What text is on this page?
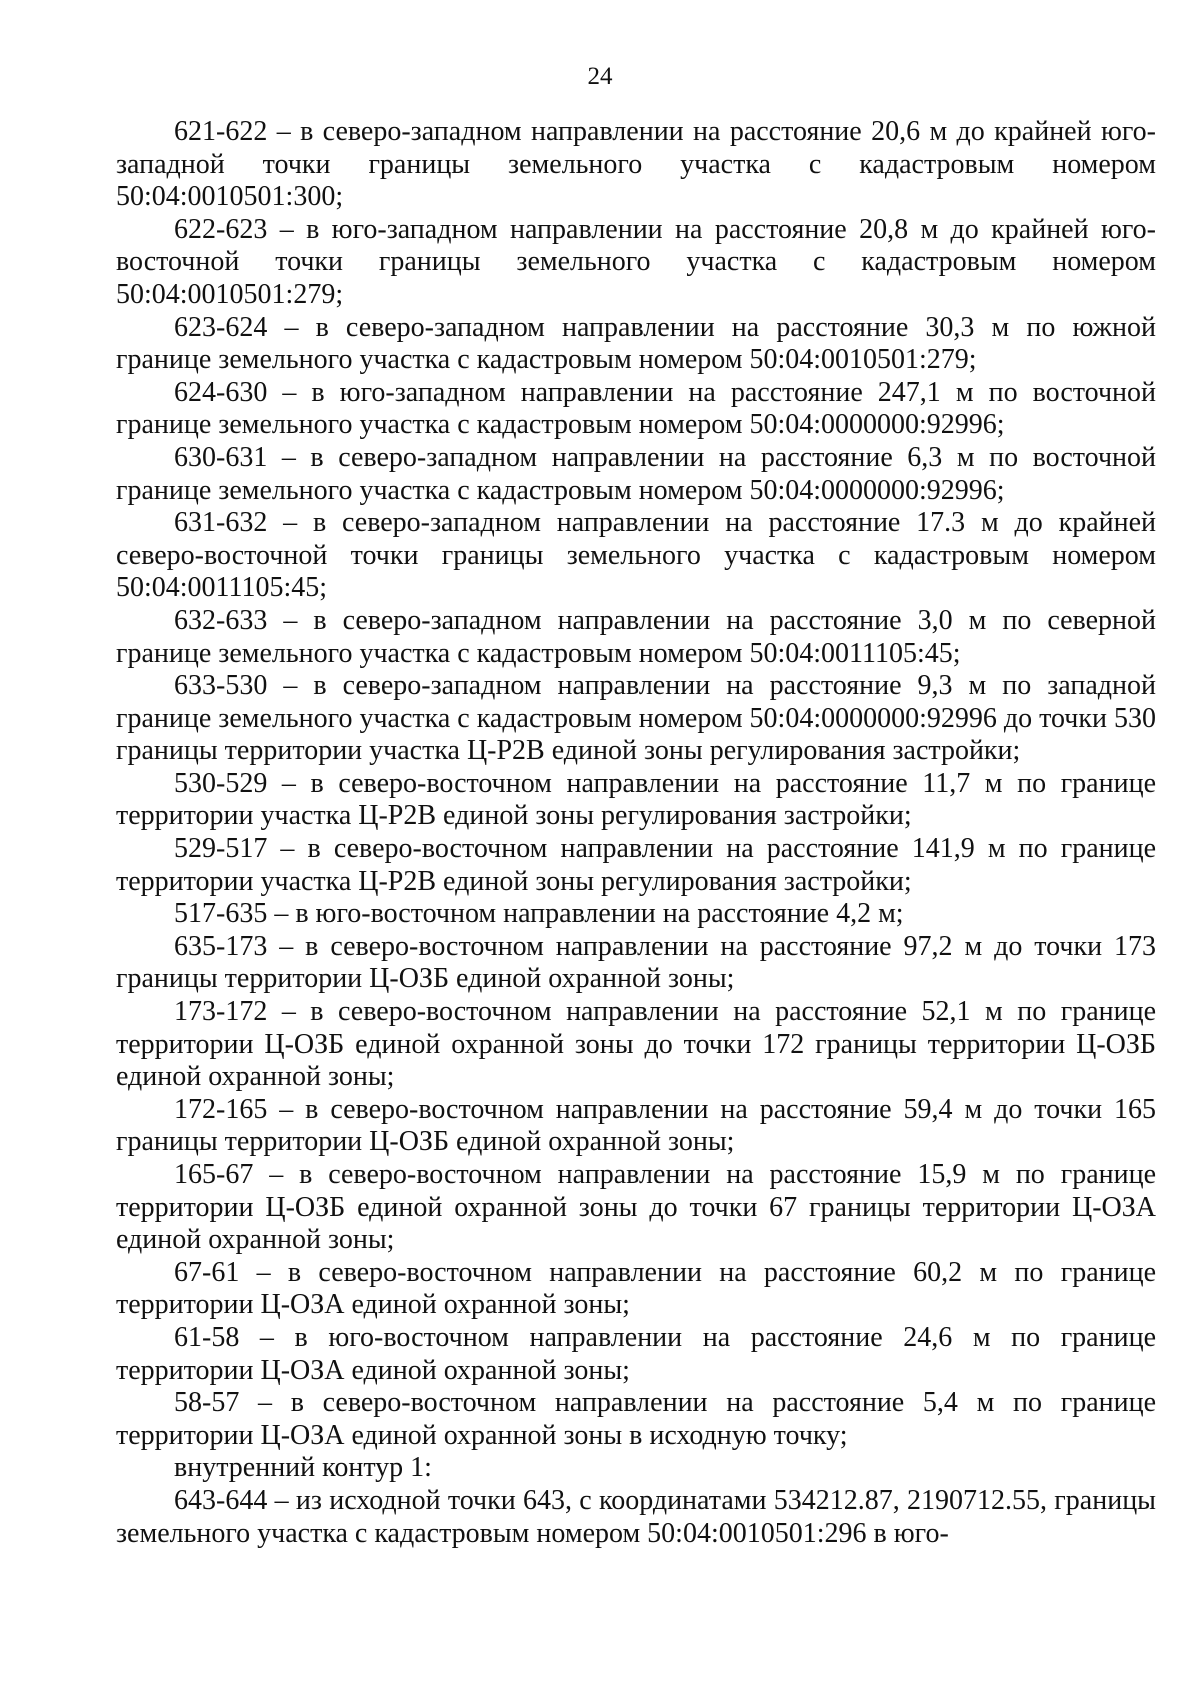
24

621-622 – в северо-западном направлении на расстояние 20,6 м до крайней юго-западной точки границы земельного участка с кадастровым номером 50:04:0010501:300;

622-623 – в юго-западном направлении на расстояние 20,8 м до крайней юго-восточной точки границы земельного участка с кадастровым номером 50:04:0010501:279;

623-624 – в северо-западном направлении на расстояние 30,3 м по южной границе земельного участка с кадастровым номером 50:04:0010501:279;

624-630 – в юго-западном направлении на расстояние 247,1 м по восточной границе земельного участка с кадастровым номером 50:04:0000000:92996;

630-631 – в северо-западном направлении на расстояние 6,3 м по восточной границе земельного участка с кадастровым номером 50:04:0000000:92996;

631-632 – в северо-западном направлении на расстояние 17.3 м до крайней северо-восточной точки границы земельного участка с кадастровым номером 50:04:0011105:45;

632-633 – в северо-западном направлении на расстояние 3,0 м по северной границе земельного участка с кадастровым номером 50:04:0011105:45;

633-530 – в северо-западном направлении на расстояние 9,3 м по западной границе земельного участка с кадастровым номером 50:04:0000000:92996 до точки 530 границы территории участка Ц-Р2В единой зоны регулирования застройки;

530-529 – в северо-восточном направлении на расстояние 11,7 м по границе территории участка Ц-Р2В единой зоны регулирования застройки;

529-517 – в северо-восточном направлении на расстояние 141,9 м по границе территории участка Ц-Р2В единой зоны регулирования застройки;

517-635 – в юго-восточном направлении на расстояние 4,2 м;

635-173 – в северо-восточном направлении на расстояние 97,2 м до точки 173 границы территории Ц-ОЗБ единой охранной зоны;

173-172 – в северо-восточном направлении на расстояние 52,1 м по границе территории Ц-ОЗБ единой охранной зоны до точки 172 границы территории Ц-ОЗБ единой охранной зоны;

172-165 – в северо-восточном направлении на расстояние 59,4 м до точки 165 границы территории Ц-ОЗБ единой охранной зоны;

165-67 – в северо-восточном направлении на расстояние 15,9 м по границе территории Ц-ОЗБ единой охранной зоны до точки 67 границы территории Ц-ОЗА единой охранной зоны;

67-61 – в северо-восточном направлении на расстояние 60,2 м по границе территории Ц-ОЗА единой охранной зоны;

61-58 – в юго-восточном направлении на расстояние 24,6 м по границе территории Ц-ОЗА единой охранной зоны;

58-57 – в северо-восточном направлении на расстояние 5,4 м по границе территории Ц-ОЗА единой охранной зоны в исходную точку;

внутренний контур 1:

643-644 – из исходной точки 643, с координатами 534212.87, 2190712.55, границы земельного участка с кадастровым номером 50:04:0010501:296 в юго-
